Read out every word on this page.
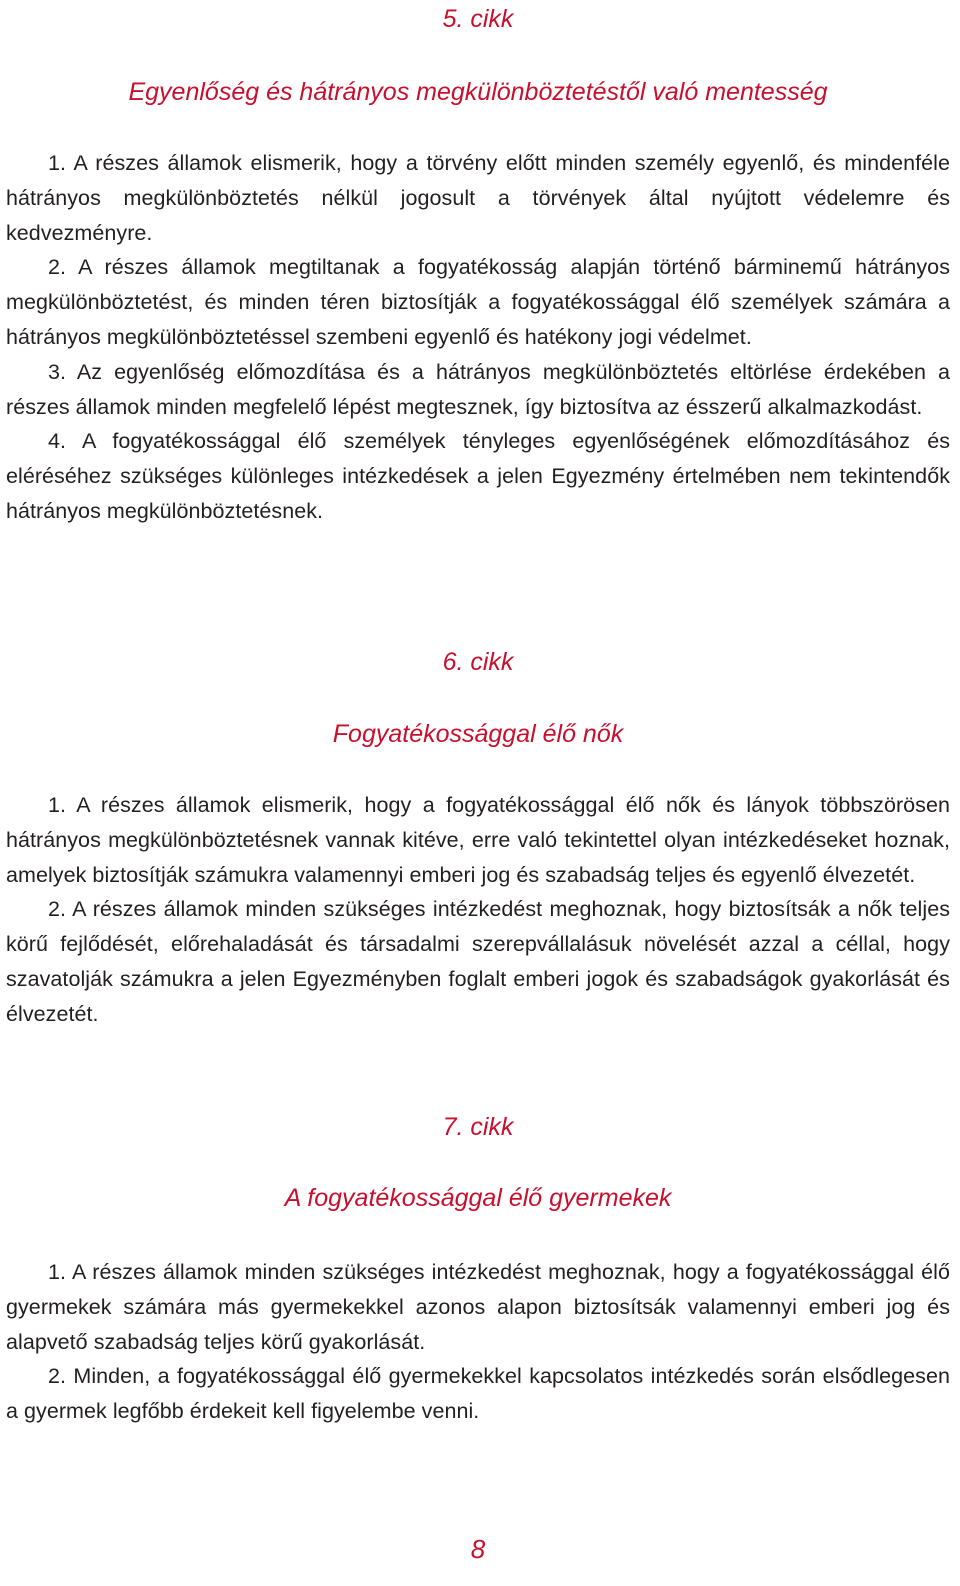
5. cikk
Egyenlőség és hátrányos megkülönböztetéstől való mentesség

1. A részes államok elismerik, hogy a törvény előtt minden személy egyenlő, és mindenféle hátrányos megkülönböztetés nélkül jogosult a törvények által nyújtott védelemre és kedvezményre.

2. A részes államok megtiltanak a fogyatékosság alapján történő bárminemű hátrányos megkülönböztetést, és minden téren biztosítják a fogyatékossággal élő személyek számára a hátrányos megkülönböztetéssel szembeni egyenlő és hatékony jogi védelmet.

3. Az egyenlőség előmozdítása és a hátrányos megkülönböztetés eltörlése érdekében a részes államok minden megfelelő lépést megtesznek, így biztosítva az ésszerű alkalmazkodást.

4. A fogyatékossággal élő személyek tényleges egyenlőségének előmozdításához és eléréséhez szükséges különleges intézkedések a jelen Egyezmény értelmében nem tekintendők hátrányos megkülönböztetésnek.

6. cikk
Fogyatékossággal élő nők

1. A részes államok elismerik, hogy a fogyatékossággal élő nők és lányok többszörösen hátrányos megkülönböztetésnek vannak kitéve, erre való tekintettel olyan intézkedéseket hoznak, amelyek biztosítják számukra valamennyi emberi jog és szabadság teljes és egyenlő élvezetét.

2. A részes államok minden szükséges intézkedést meghoznak, hogy biztosítsák a nők teljes körű fejlődését, előrehaladását és társadalmi szerepvállalásuk növelését azzal a céllal, hogy szavatolják számukra a jelen Egyezményben foglalt emberi jogok és szabadságok gyakorlását és élvezetét.

7. cikk
A fogyatékossággal élő gyermekek

1. A részes államok minden szükséges intézkedést meghoznak, hogy a fogyatékossággal élő gyermekek számára más gyermekekkel azonos alapon biztosítsák valamennyi emberi jog és alapvető szabadság teljes körű gyakorlását.

2. Minden, a fogyatékossággal élő gyermekekkel kapcsolatos intézkedés során elsődlegesen a gyermek legfőbb érdekeit kell figyelembe venni.

8
